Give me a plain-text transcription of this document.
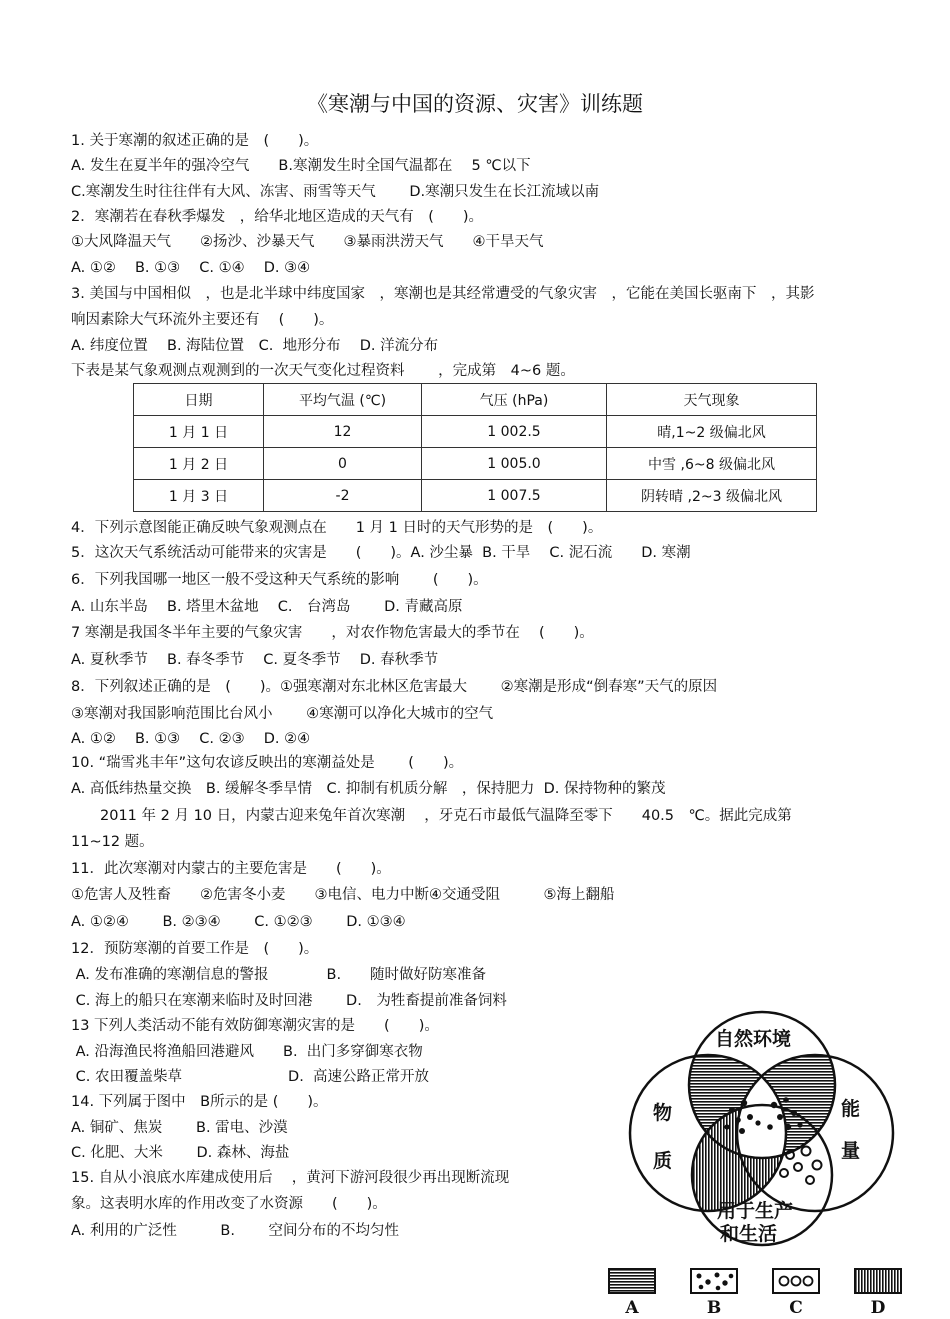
《寒潮与中国的资源、灾害》训练题
1. 关于寒潮的叙述正确的是　(　　)。
A. 发生在夏半年的强冷空气　　B.寒潮发生时全国气温都在　 5 ℃以下
C.寒潮发生时往往伴有大风、冻害、雨雪等天气　　 D.寒潮只发生在长江流域以南
2．寒潮若在春秋季爆发　，给华北地区造成的天气有　(　　)。
①大风降温天气　　②扬沙、沙暴天气　　③暴雨洪涝天气　　④干旱天气
A. ①②　 B. ①③　 C. ①④　 D. ③④
3. 美国与中国相似　，也是北半球中纬度国家　，寒潮也是其经常遭受的气象灾害　，它能在美国长驱南下　，其影
响因素除大气环流外主要还有　 (　　)。
A. 纬度位置　 B. 海陆位置　C.  地形分布　 D. 洋流分布
下表是某气象观测点观测到的一次天气变化过程资料　　 ，完成第　4~6 题。
日期	平均气温 (℃)	气压 (hPa)	天气现象
1 月 1 日	12	1 002.5	晴,1~2 级偏北风
1 月 2 日	0	1 005.0	中雪 ,6~8 级偏北风
1 月 3 日	-2	1 007.5	阴转晴 ,2~3 级偏北风
4．下列示意图能正确反映气象观测点在　　1 月 1 日时的天气形势的是　(　　)。
5．这次天气系统活动可能带来的灾害是　　(　　)。A. 沙尘暴  B. 干旱　 C. 泥石流　　D. 寒潮
6．下列我国哪一地区一般不受这种天气系统的影响　　 (　　)。
A. 山东半岛　 B. 塔里木盆地　 C.　台湾岛　　 D. 青藏高原
7 寒潮是我国冬半年主要的气象灾害　　，对农作物危害最大的季节在　 (　　)。
A. 夏秋季节　 B. 春冬季节　 C. 夏冬季节　 D. 春秋季节
8．下列叙述正确的是　(　　)。①强寒潮对东北林区危害最大　　 ②寒潮是形成“倒春寒”天气的原因
③寒潮对我国影响范围比台风小　　 ④寒潮可以净化大城市的空气
A. ①②　 B. ①③　 C. ②③　 D. ②④
10. “瑞雪兆丰年”这句农谚反映出的寒潮益处是　　 (　　)。
A. 高低纬热量交换　B. 缓解冬季旱情　C. 抑制有机质分解　，保持肥力  D. 保持物种的繁茂
　　2011 年 2 月 10 日，内蒙古迎来兔年首次寒潮　 ，牙克石市最低气温降至零下　　40.5　℃。据此完成第
11~12 题。
11．此次寒潮对内蒙古的主要危害是　　(　　)。
①危害人及牲畜　　②危害冬小麦　　③电信、电力中断④交通受阻　　　⑤海上翻船
A. ①②④　　 B. ②③④　　 C. ①②③　　 D. ①③④
12．预防寒潮的首要工作是　(　　)。
A. 发布准确的寒潮信息的警报　　　　B.　　随时做好防寒准备
C. 海上的船只在寒潮来临时及时回港　　 D.　为牲畜提前准备饲料
13 下列人类活动不能有效防御寒潮灾害的是　　(　　)。
A. 沿海渔民将渔船回港避风　　B.  出门多穿御寒衣物
C. 农田覆盖柴草　　　　　　　 D.  高速公路正常开放
14. 下列属于图中　B所示的是 (　　)。
A. 铜矿、焦炭　　 B. 雷电、沙漠
C. 化肥、大米　　 D. 森林、海盐
15. 自从小浪底水库建成使用后　 ，黄河下游河段很少再出现断流现
象。这表明水库的作用改变了水资源　　(　　)。
A. 利用的广泛性　　　B.　　 空间分布的不均匀性
自然环境
物
质
能
量
用于生产
和生活
A	B	C	D
